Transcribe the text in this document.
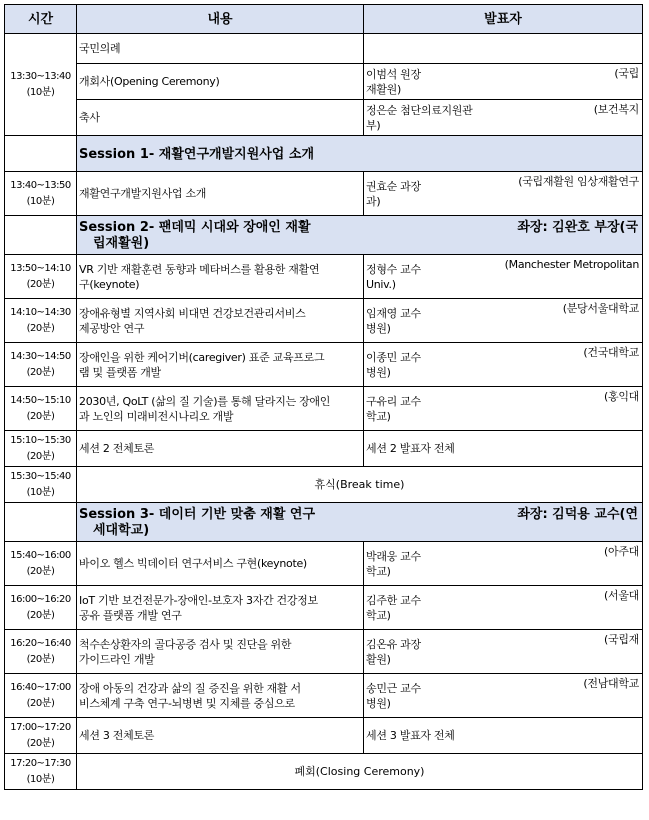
시간	내용	발표자

13:30~13:40
(10분)	국민의례	
	개회사(Opening Ceremony)	이범석 원장 (국립
재활원)

	축사	정은순 첨단의료지원관 (보건복지
부)

	Session 1- 재활연구개발지원사업 소개	

13:40~13:50
(10분)	재활연구개발지원사업 소개	권효순 과장 (국립재활원 임상재활연구
과)

	Session 2- 팬데믹 시대와 장애인 재활 좌장: 김완호 부장(국

립재활원)	

13:50~14:10
(20분)	VR 기반 재활훈련 동향과 메타버스를 활용한 재활연
구(keynote)	정형수 교수 (Manchester Metropolitan
Univ.)

14:10~14:30
(20분)	장애유형별 지역사회 비대면 건강보건관리서비스
제공방안 연구	임재영 교수 (분당서울대학교
병원)

14:30~14:50
(20분)	장애인을 위한 케어기버(caregiver) 표준 교육프로그
램 및 플랫폼 개발	이종민 교수 (건국대학교
병원)

14:50~15:10
(20분)	2030년, QoLT (삶의 질 기술)를 통해 달라지는 장애인
과 노인의 미래비전시나리오 개발	구유리 교수 (홍익대
학교)

15:10~15:30
(20분)	세션 2 전체토론	세션 2 발표자 전체

15:30~15:40
(10분)	휴식(Break time)	
	Session 3- 데이터 기반 맞춤 재활 연구 좌장: 김덕용 교수(연

세대학교)	

15:40~16:00
(20분)	바이오 헬스 빅데이터 연구서비스 구현(keynote)	박래웅 교수 (아주대
학교)

16:00~16:20
(20분)	IoT 기반 보건전문가-장애인-보호자 3자간 건강정보
공유 플랫폼 개발 연구	김주한 교수 (서울대
학교)

16:20~16:40
(20분)	척수손상환자의 골다공증 검사 및 진단을 위한
가이드라인 개발	김온유 과장 (국립재
활원)

16:40~17:00
(20분)	장애 아동의 건강과 삶의 질 증진을 위한 재활 서
비스체계 구축 연구-뇌병변 및 지체를 중심으로	송민근 교수 (전남대학교
병원)

17:00~17:20
(20분)	세션 3 전체토론	세션 3 발표자 전체

17:20~17:30
(10분)	폐회(Closing Ceremony)	
